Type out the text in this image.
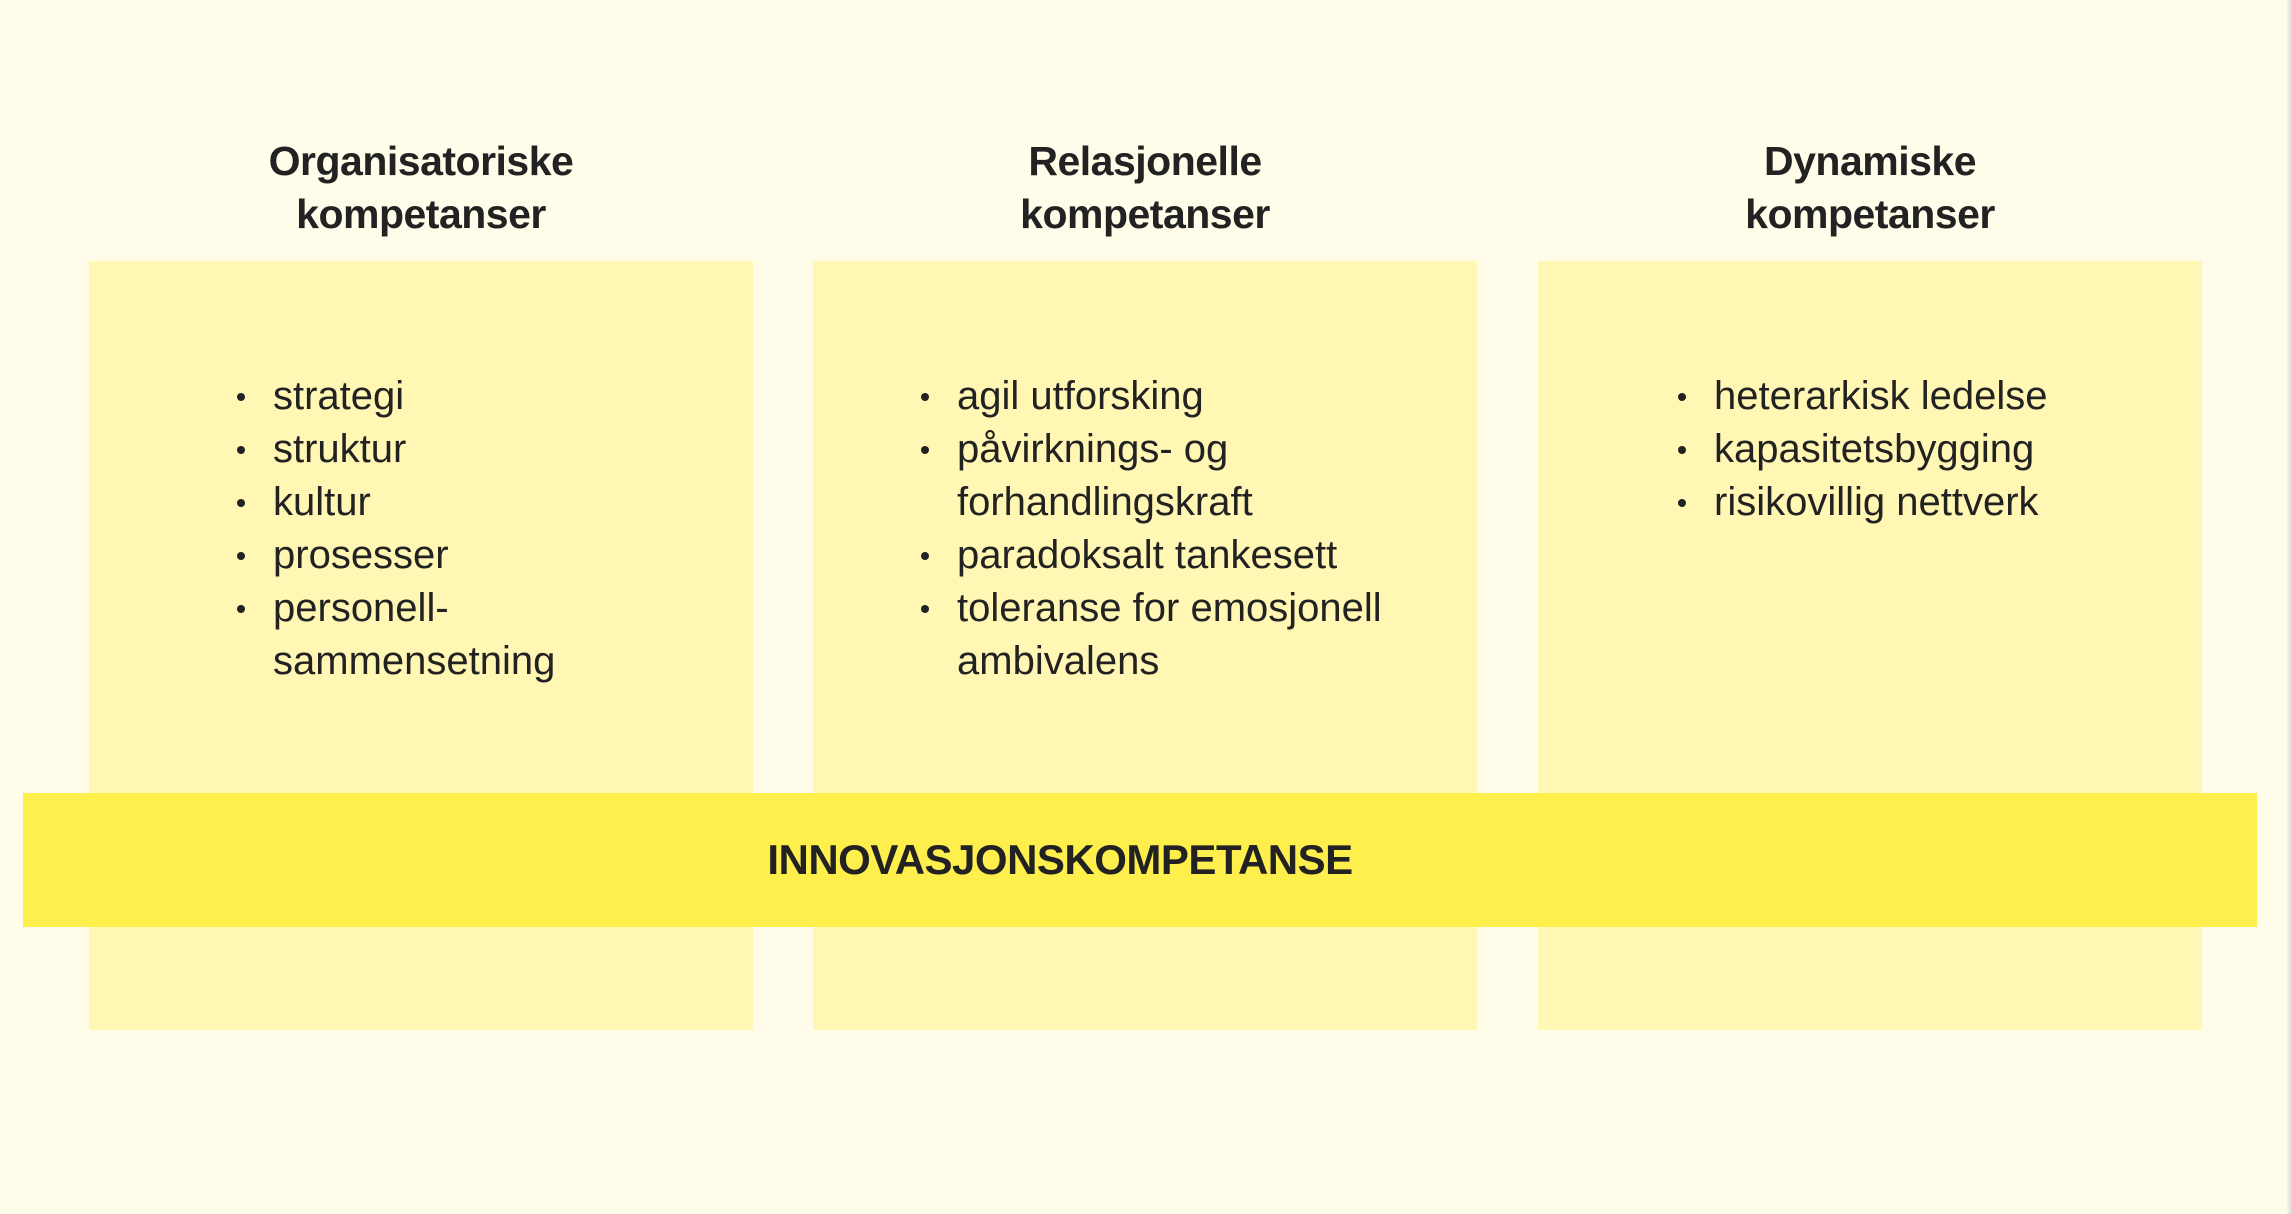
Organisatoriske
kompetanser
Relasjonelle
kompetanser
Dynamiske
kompetanser
strategi
struktur
kultur
prosesser
personell-
sammensetning
agil utforsking
påvirknings- og
forhandlingskraft
paradoksalt tankesett
toleranse for emosjonell
ambivalens
heterarkisk ledelse
kapasitetsbygging
risikovillig nettverk
INNOVASJONSKOMPETANSE
